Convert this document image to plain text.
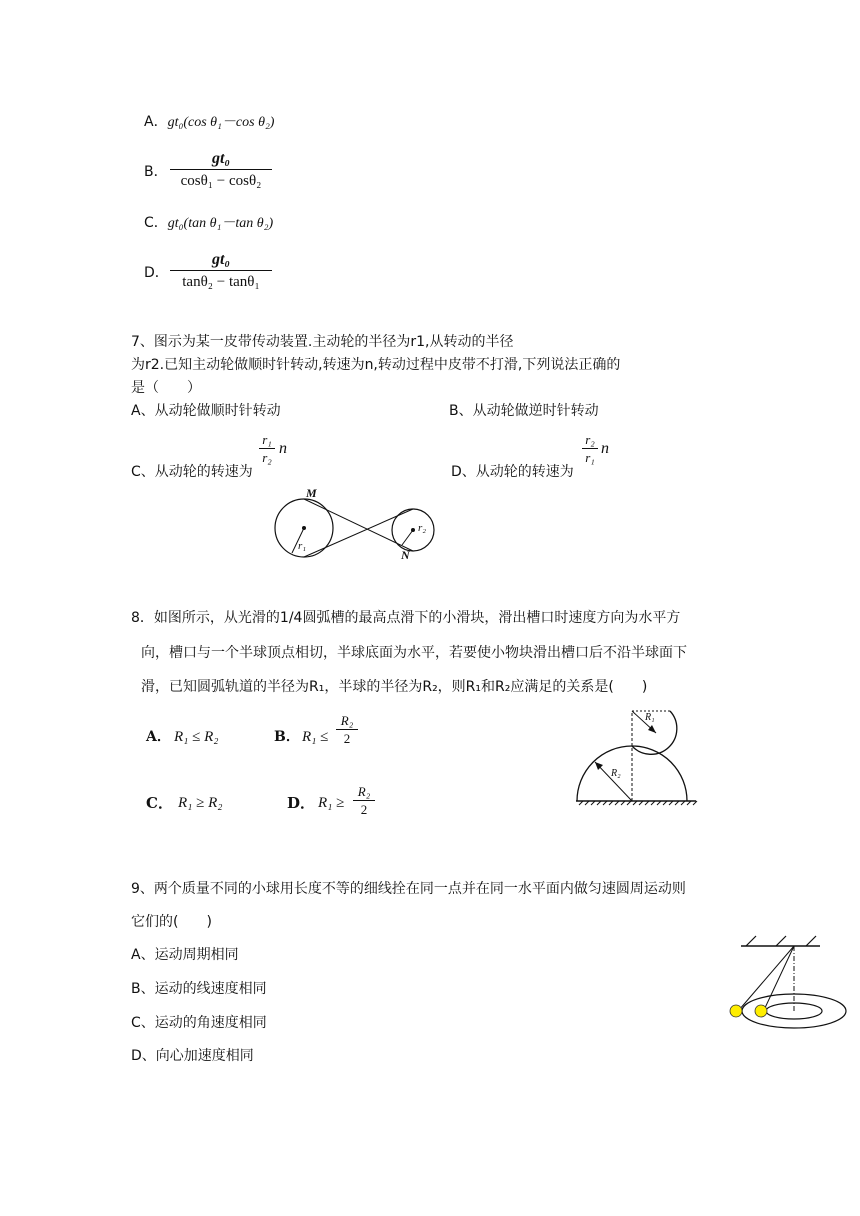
A．gt₀(cos θ₁－cos θ₂)
B．
gt₀
cosθ₁ − cosθ₂
C．gt₀(tan θ₁－tan θ₂)
D．
gt₀
tanθ₂ − tanθ₁
7、图示为某一皮带传动装置.主动轮的半径为r1,从转动的半径
为r2.已知主动轮做顺时针转动,转速为n,转动过程中皮带不打滑,下列说法正确的
是（　　）
A、从动轮做顺时针转动	B、从动轮做逆时针转动
C、从动轮的转速为
r₁
r₂
n
D、从动轮的转速为
r₂
r₁
n
M
N
r₁
r₂
8．如图所示，从光滑的1/4圆弧槽的最高点滑下的小滑块，滑出槽口时速度方向为水平方
向，槽口与一个半球顶点相切，半球底面为水平，若要使小物块滑出槽口后不沿半球面下
滑，已知圆弧轨道的半径为R₁，半球的半径为R₂，则R₁和R₂应满足的关系是(　　)
A． R₁ ≤ R₂	B． R₁ ≤
R₂
2
C． R₁ ≥ R₂	D． R₁ ≥
R₂
2
R₁
R₂
9、两个质量不同的小球用长度不等的细线拴在同一点并在同一水平面内做匀速圆周运动则
它们的(　　)
A、运动周期相同
B、运动的线速度相同
C、运动的角速度相同
D、向心加速度相同
